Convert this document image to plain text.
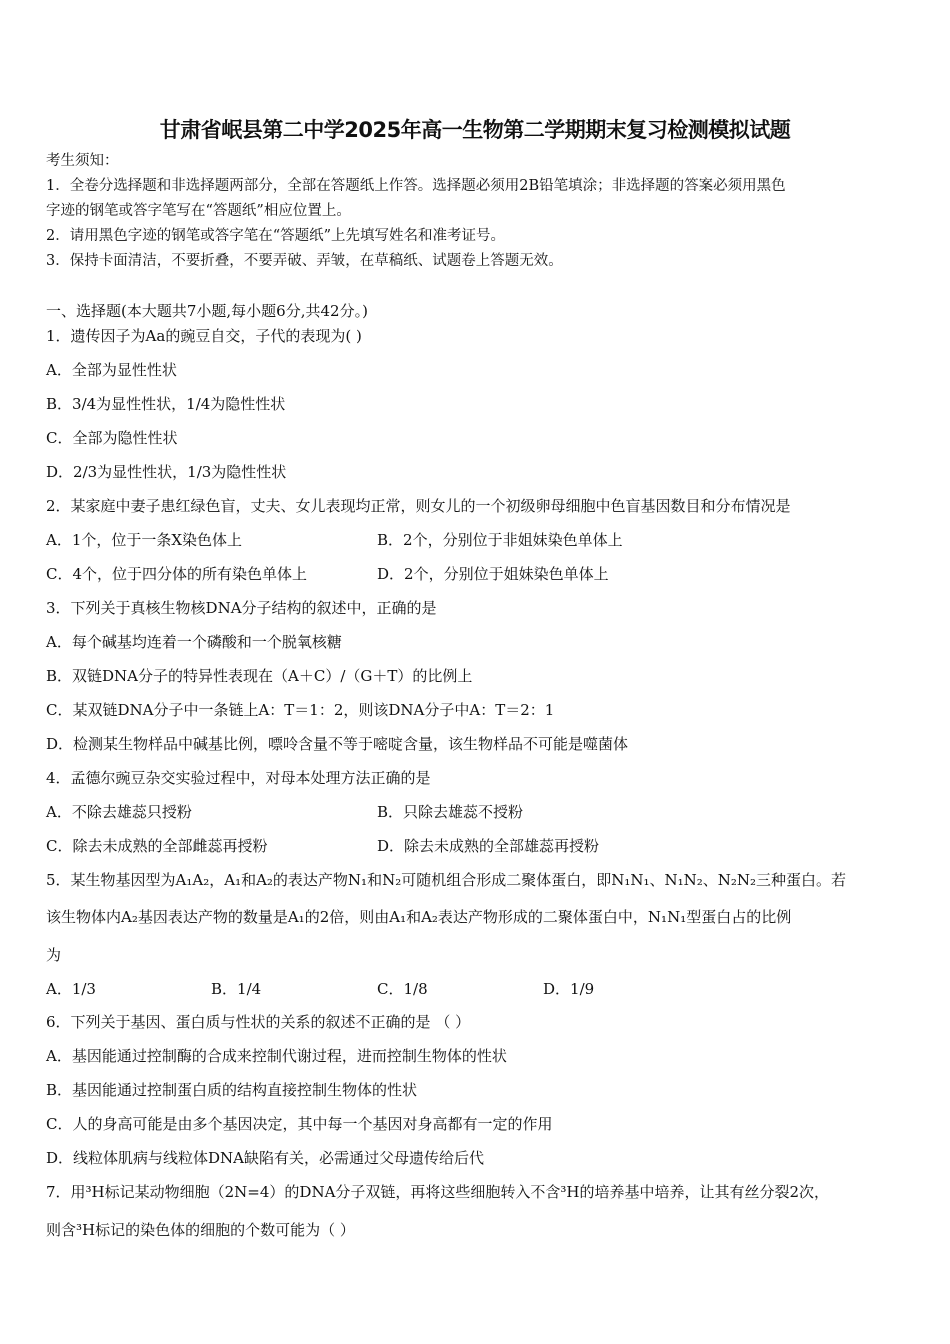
甘肃省岷县第二中学2025年高一生物第二学期期末复习检测模拟试题
考生须知：
1．全卷分选择题和非选择题两部分，全部在答题纸上作答。选择题必须用2B铅笔填涂；非选择题的答案必须用黑色
字迹的钢笔或答字笔写在“答题纸”相应位置上。
2．请用黑色字迹的钢笔或答字笔在“答题纸”上先填写姓名和准考证号。
3．保持卡面清洁，不要折叠，不要弄破、弄皱，在草稿纸、试题卷上答题无效。
一、选择题(本大题共7小题,每小题6分,共42分。)
1．遗传因子为Aa的豌豆自交，子代的表现为( )
A．全部为显性性状
B．3/4为显性性状，1/4为隐性性状
C．全部为隐性性状
D．2/3为显性性状，1/3为隐性性状
2．某家庭中妻子患红绿色盲，丈夫、女儿表现均正常，则女儿的一个初级卵母细胞中色盲基因数目和分布情况是
A．1个，位于一条X染色体上	B．2个，分别位于非姐妹染色单体上
C．4个，位于四分体的所有染色单体上	D．2个，分别位于姐妹染色单体上
3．下列关于真核生物核DNA分子结构的叙述中，正确的是
A．每个碱基均连着一个磷酸和一个脱氧核糖
B．双链DNA分子的特异性表现在（A＋C）/（G＋T）的比例上
C．某双链DNA分子中一条链上A：T＝1：2，则该DNA分子中A：T＝2：1
D．检测某生物样品中碱基比例，嘌呤含量不等于嘧啶含量，该生物样品不可能是噬菌体
4．孟德尔豌豆杂交实验过程中，对母本处理方法正确的是
A．不除去雄蕊只授粉	B．只除去雄蕊不授粉
C．除去未成熟的全部雌蕊再授粉	D．除去未成熟的全部雄蕊再授粉
5．某生物基因型为A₁A₂，A₁和A₂的表达产物N₁和N₂可随机组合形成二聚体蛋白，即N₁N₁、N₁N₂、N₂N₂三种蛋白。若
该生物体内A₂基因表达产物的数量是A₁的2倍，则由A₁和A₂表达产物形成的二聚体蛋白中，N₁N₁型蛋白占的比例
为
A．1/3	B．1/4	C．1/8	D．1/9
6．下列关于基因、蛋白质与性状的关系的叙述不正确的是 （ ）
A．基因能通过控制酶的合成来控制代谢过程，进而控制生物体的性状
B．基因能通过控制蛋白质的结构直接控制生物体的性状
C．人的身高可能是由多个基因决定，其中每一个基因对身高都有一定的作用
D．线粒体肌病与线粒体DNA缺陷有关，必需通过父母遗传给后代
7．用³H标记某动物细胞（2N=4）的DNA分子双链，再将这些细胞转入不含³H的培养基中培养，让其有丝分裂2次，
则含³H标记的染色体的细胞的个数可能为（ ）
